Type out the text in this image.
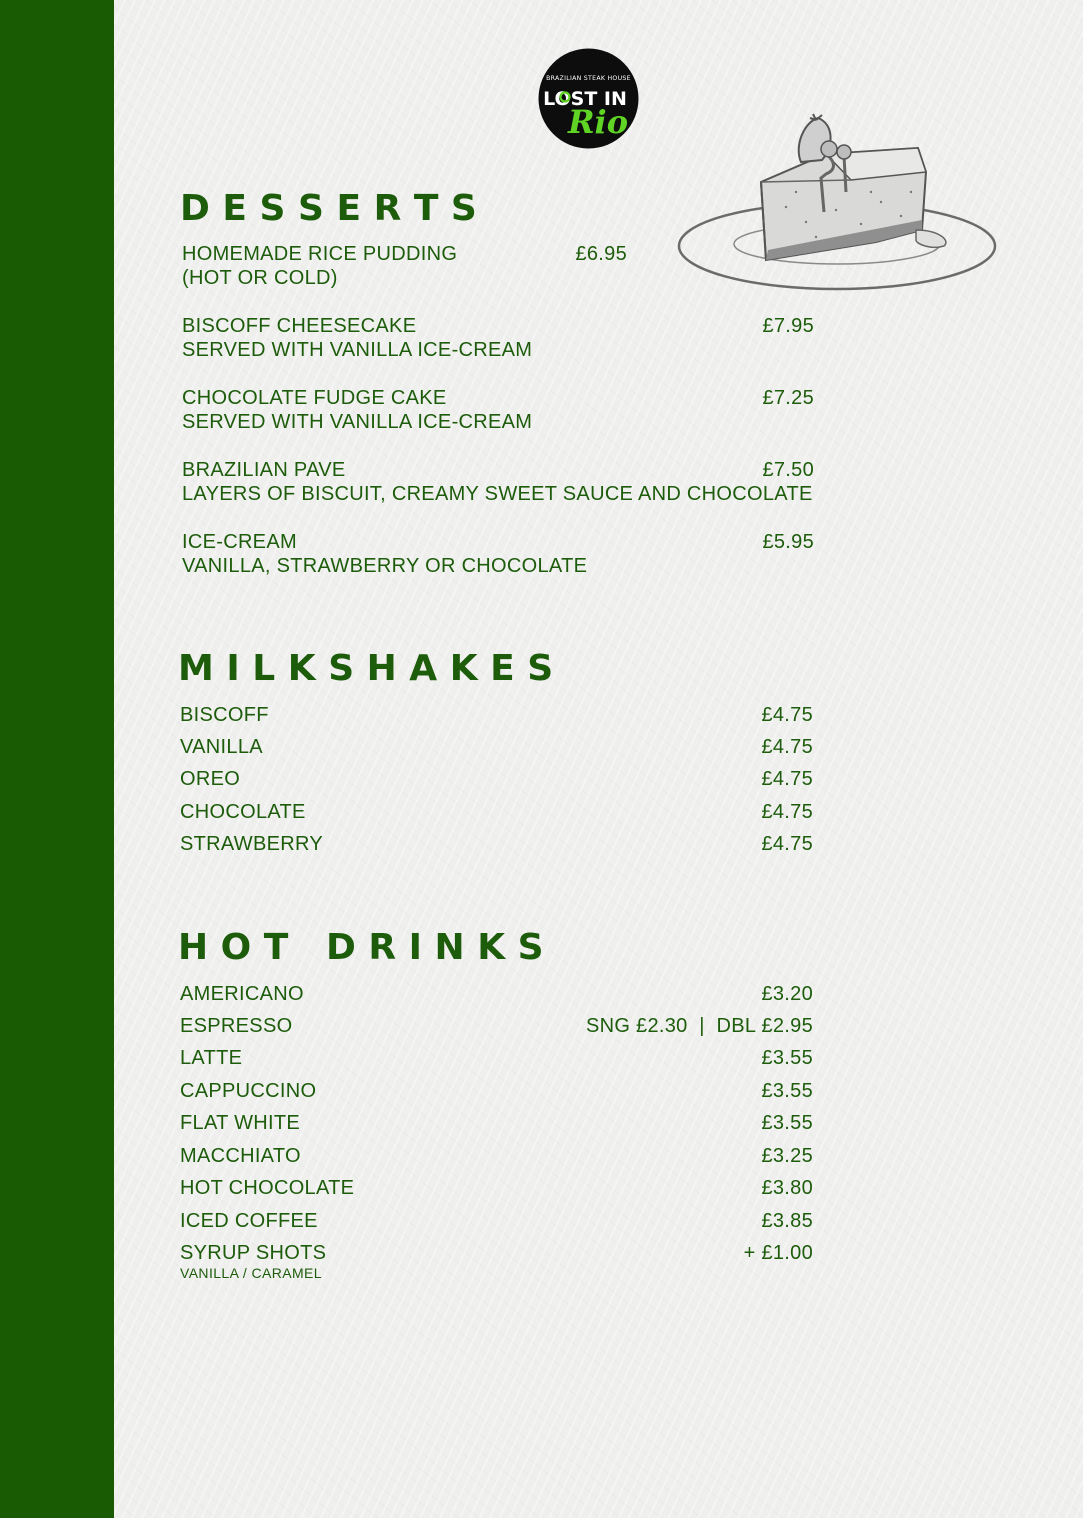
BRAZILIAN STEAK HOUSE
LOST IN
Rio
D E S S E R T S
HOMEMADE RICE PUDDING
(HOT OR COLD)
£6.95
BISCOFF CHEESECAKE
SERVED WITH VANILLA ICE-CREAM
£7.95
CHOCOLATE FUDGE CAKE
SERVED WITH VANILLA ICE-CREAM
£7.25
BRAZILIAN PAVE
LAYERS OF BISCUIT, CREAMY SWEET SAUCE AND CHOCOLATE
£7.50
ICE-CREAM
VANILLA, STRAWBERRY OR CHOCOLATE
£5.95
M I L K S H A K E S
BISCOFF	£4.75
VANILLA	£4.75
OREO	£4.75
CHOCOLATE	£4.75
STRAWBERRY	£4.75
H O T   D R I N K S
AMERICANO	£3.20
ESPRESSO	SNG £2.30  |  DBL £2.95
LATTE	£3.55
CAPPUCCINO	£3.55
FLAT WHITE	£3.55
MACCHIATO	£3.25
HOT CHOCOLATE	£3.80
ICED COFFEE	£3.85
SYRUP SHOTS
VANILLA / CARAMEL
+ £1.00
